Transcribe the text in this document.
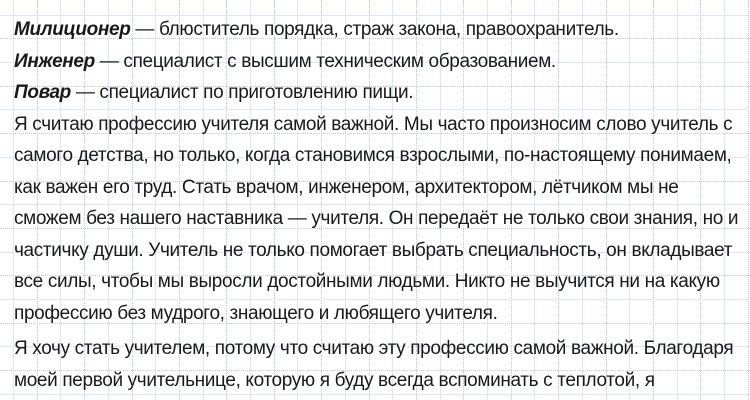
Милиционер — блюститель порядка, страж закона, правоохранитель.
Инженер — специалист с высшим техническим образованием.
Повар — специалист по приготовлению пищи.
Я считаю профессию учителя самой важной. Мы часто произносим слово учитель с
самого детства, но только, когда становимся взрослыми, по-настоящему понимаем,
как важен его труд. Стать врачом, инженером, архитектором, лётчиком мы не
сможем без нашего наставника — учителя. Он передаёт не только свои знания, но и
частичку души. Учитель не только помогает выбрать специальность, он вкладывает
все силы, чтобы мы выросли достойными людьми. Никто не выучится ни на какую
профессию без мудрого, знающего и любящего учителя.
Я хочу стать учителем, потому что считаю эту профессию самой важной. Благодаря
моей первой учительнице, которую я буду всегда вспоминать с теплотой, я
